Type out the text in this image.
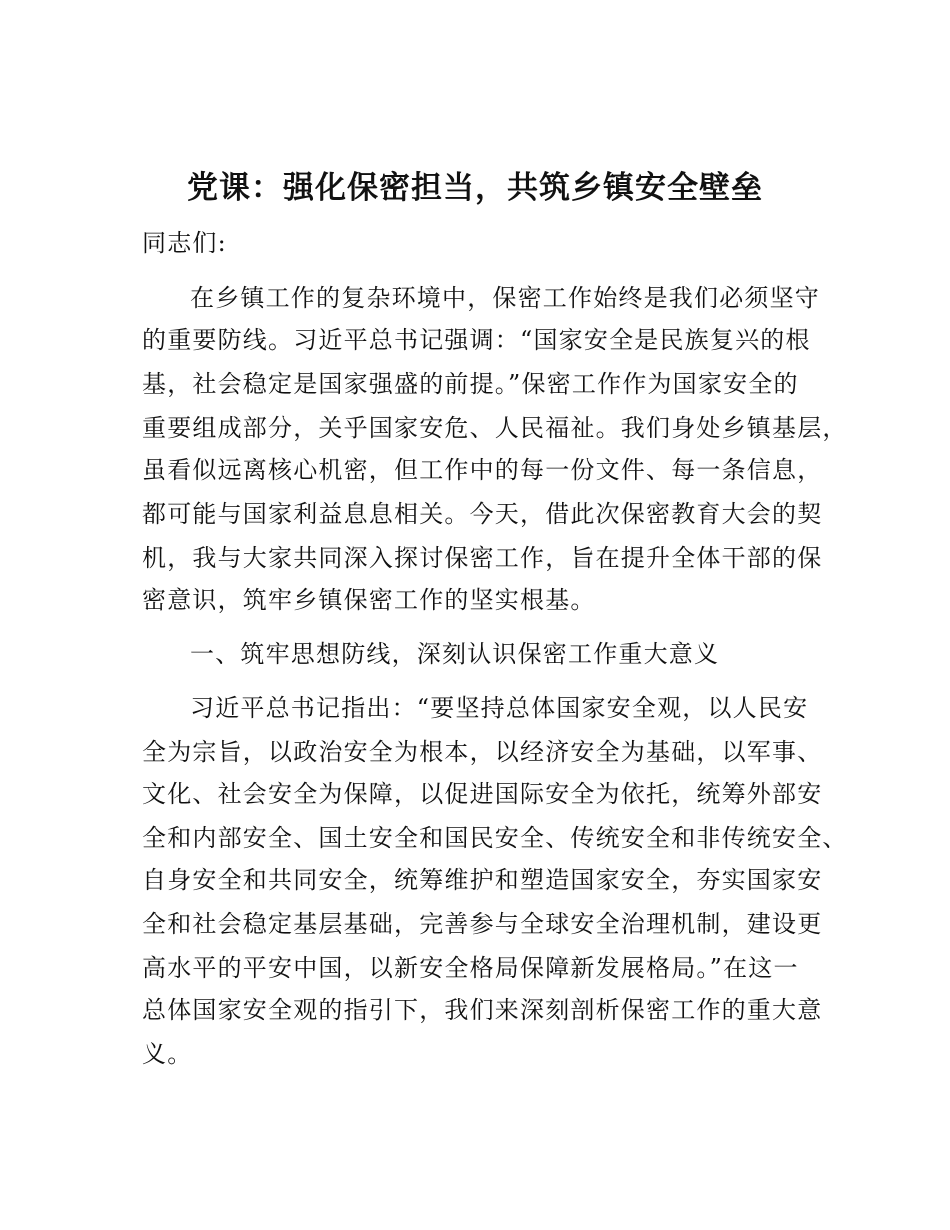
党课：强化保密担当，共筑乡镇安全壁垒
同志们:
在乡镇工作的复杂环境中，保密工作始终是我们必须坚守
的重要防线。习近平总书记强调：“国家安全是民族复兴的根
基，社会稳定是国家强盛的前提。”保密工作作为国家安全的
重要组成部分，关乎国家安危、人民福祉。我们身处乡镇基层，
虽看似远离核心机密，但工作中的每一份文件、每一条信息，
都可能与国家利益息息相关。今天，借此次保密教育大会的契
机，我与大家共同深入探讨保密工作，旨在提升全体干部的保
密意识，筑牢乡镇保密工作的坚实根基。
一、筑牢思想防线，深刻认识保密工作重大意义
习近平总书记指出：“要坚持总体国家安全观，以人民安
全为宗旨，以政治安全为根本，以经济安全为基础，以军事、
文化、社会安全为保障，以促进国际安全为依托，统筹外部安
全和内部安全、国土安全和国民安全、传统安全和非传统安全、
自身安全和共同安全，统筹维护和塑造国家安全，夯实国家安
全和社会稳定基层基础，完善参与全球安全治理机制，建设更
高水平的平安中国，以新安全格局保障新发展格局。”在这一
总体国家安全观的指引下，我们来深刻剖析保密工作的重大意
义。
